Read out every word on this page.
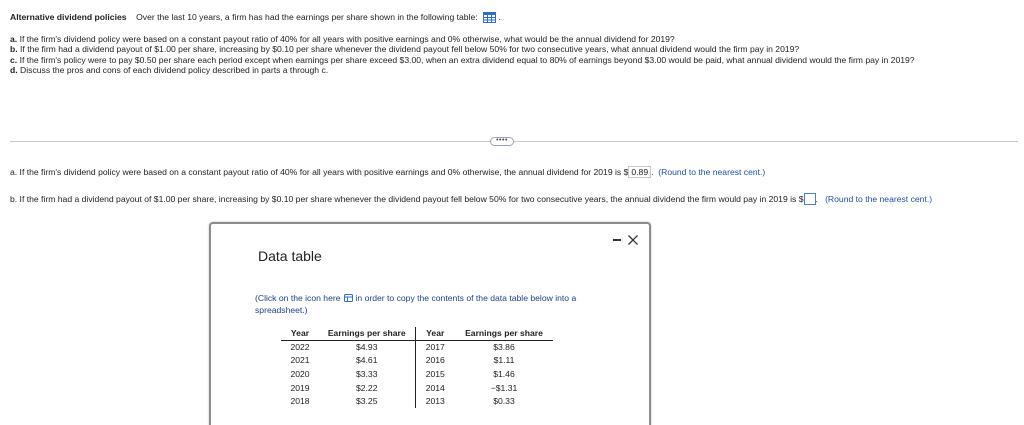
Alternative dividend policies Over the last 10 years, a firm has had the earnings per share shown in the following table: .

a. If the firm's dividend policy were based on a constant payout ratio of 40% for all years with positive earnings and 0% otherwise, what would be the annual dividend for 2019?

b. If the firm had a dividend payout of $1.00 per share, increasing by $0.10 per share whenever the dividend payout fell below 50% for two consecutive years, what annual dividend would the firm pay in 2019?

c. If the firm's policy were to pay $0.50 per share each period except when earnings per share exceed $3.00, when an extra dividend equal to 80% of earnings beyond $3.00 would be paid, what annual dividend would the firm pay in 2019?

d. Discuss the pros and cons of each dividend policy described in parts a through c.

••••
a. If the firm's dividend policy were based on a constant payout ratio of 40% for all years with positive earnings and 0% otherwise, the annual dividend for 2019 is $ 0.89 . (Round to the nearest cent.)
b. If the firm had a dividend payout of $1.00 per share, increasing by $0.10 per share whenever the dividend payout fell below 50% for two consecutive years, the annual dividend the firm would pay in 2019 is $ . (Round to the nearest cent.)
Data table
(Click on the icon here in order to copy the contents of the data table below into a spreadsheet.)
Year	Earnings per share	Year	Earnings per share
2022	$4.93	2017	$3.86
2021	$4.61	2016	$1.11
2020	$3.33	2015	$1.46
2019	$2.22	2014	−$1.31
2018	$3.25	2013	$0.33
